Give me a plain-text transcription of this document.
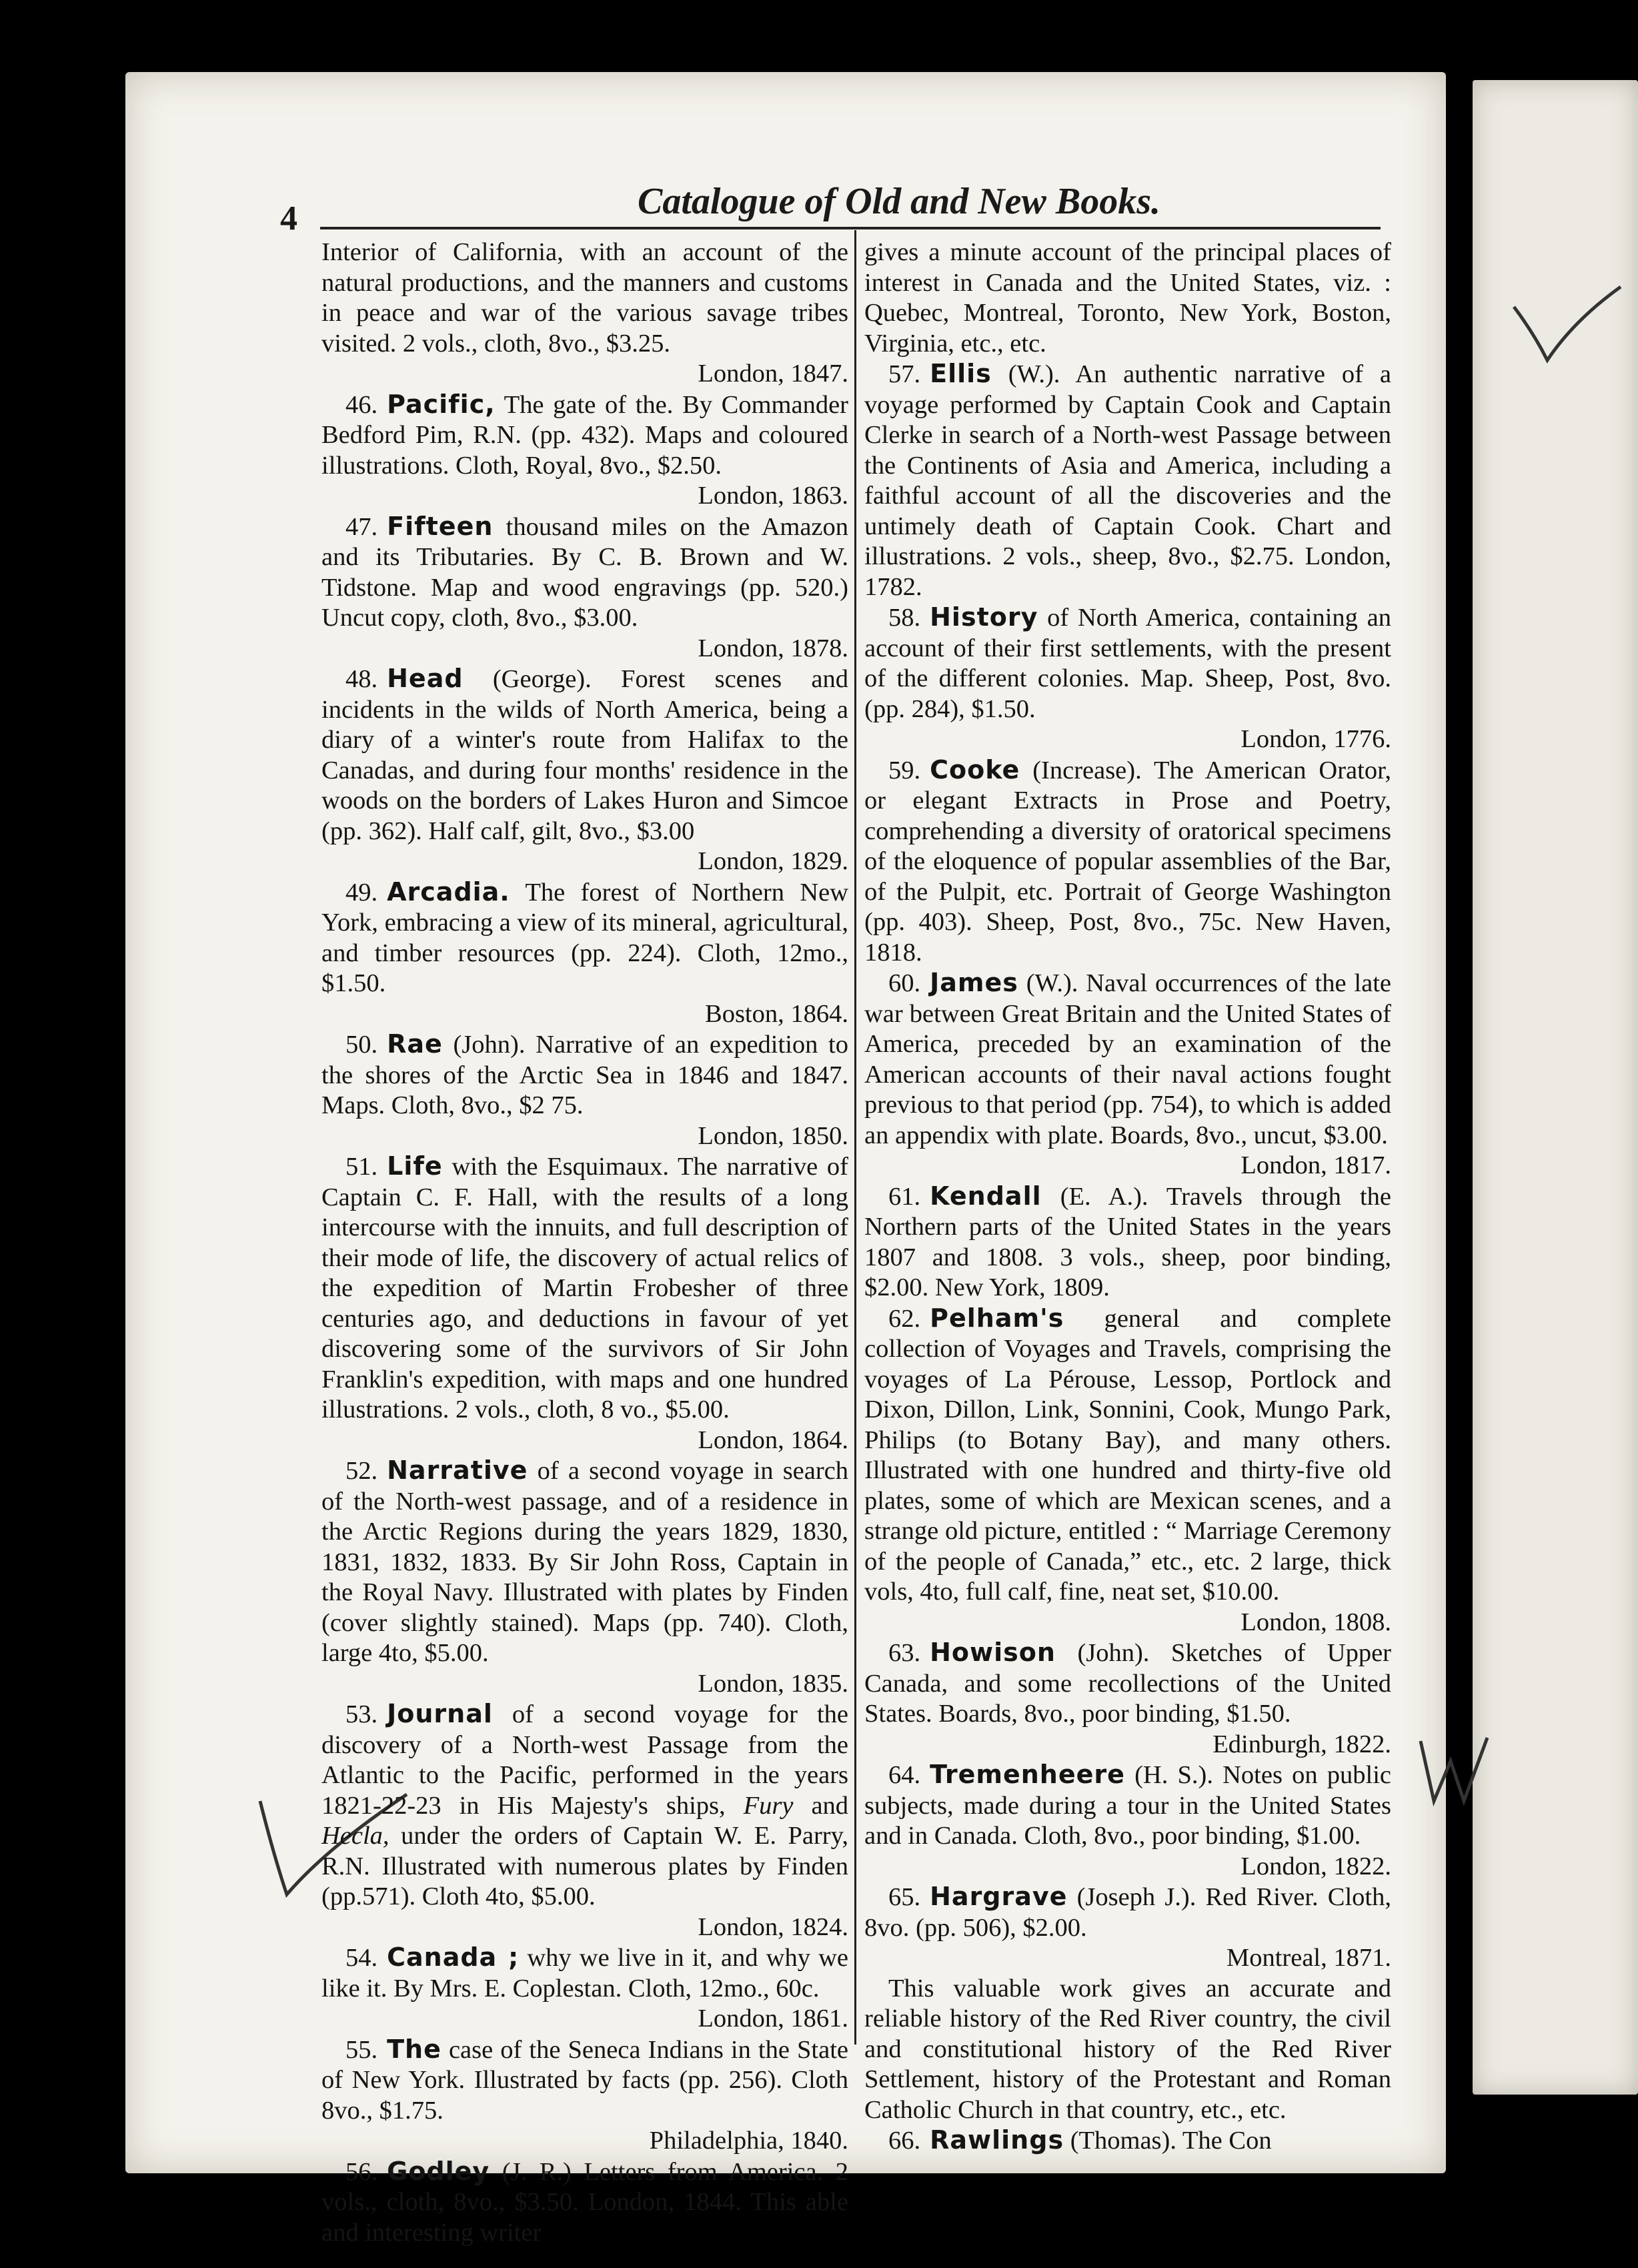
4	Catalogue of Old and New Books.

Interior of California, with an account of the natural productions, and the manners and customs in peace and war of the various savage tribes visited. 2 vols., cloth, 8vo., $3.25.
London, 1847.

46. Pacific, The gate of the. By Commander Bedford Pim, R.N. (pp. 432). Maps and coloured illustrations. Cloth, Royal, 8vo., $2.50.
London, 1863.

47. Fifteen thousand miles on the Amazon and its Tributaries. By C. B. Brown and W. Tidstone. Map and wood engravings (pp. 520.) Uncut copy, cloth, 8vo., $3.00.
London, 1878.

48. Head (George). Forest scenes and incidents in the wilds of North America, being a diary of a winter's route from Halifax to the Canadas, and during four months' residence in the woods on the borders of Lakes Huron and Simcoe (pp. 362). Half calf, gilt, 8vo., $3.00
London, 1829.

49. Arcadia. The forest of Northern New York, embracing a view of its mineral, agricultural, and timber resources (pp. 224). Cloth, 12mo., $1.50.
Boston, 1864.

50. Rae (John). Narrative of an expedition to the shores of the Arctic Sea in 1846 and 1847. Maps. Cloth, 8vo., $2 75.
London, 1850.

51. Life with the Esquimaux. The narrative of Captain C. F. Hall, with the results of a long intercourse with the innuits, and full description of their mode of life, the discovery of actual relics of the expedition of Martin Frobesher of three centuries ago, and deductions in favour of yet discovering some of the survivors of Sir John Franklin's expedition, with maps and one hundred illustrations. 2 vols., cloth, 8 vo., $5.00.
London, 1864.

52. Narrative of a second voyage in search of the North-west passage, and of a residence in the Arctic Regions during the years 1829, 1830, 1831, 1832, 1833. By Sir John Ross, Captain in the Royal Navy. Illustrated with plates by Finden (cover slightly stained). Maps (pp. 740). Cloth, large 4to, $5.00.
London, 1835.

53. Journal of a second voyage for the discovery of a North-west Passage from the Atlantic to the Pacific, performed in the years 1821-22-23 in His Majesty's ships, Fury and Hecla, under the orders of Captain W. E. Parry, R.N. Illustrated with numerous plates by Finden (pp.571). Cloth 4to, $5.00.
London, 1824.

54. Canada ; why we live in it, and why we like it. By Mrs. E. Coplestan. Cloth, 12mo., 60c.
London, 1861.

55. The case of the Seneca Indians in the State of New York. Illustrated by facts (pp. 256). Cloth 8vo., $1.75.
Philadelphia, 1840.

56. Godley (J. R.) Letters from America. 2 vols., cloth, 8vo., $3.50. London, 1844. This able and interesting writer

gives a minute account of the principal places of interest in Canada and the United States, viz. : Quebec, Montreal, Toronto, New York, Boston, Virginia, etc., etc.

57. Ellis (W.). An authentic narrative of a voyage performed by Captain Cook and Captain Clerke in search of a North-west Passage between the Continents of Asia and America, including a faithful account of all the discoveries and the untimely death of Captain Cook. Chart and illustrations. 2 vols., sheep, 8vo., $2.75. London, 1782.

58. History of North America, containing an account of their first settlements, with the present of the different colonies. Map. Sheep, Post, 8vo. (pp. 284), $1.50.
London, 1776.

59. Cooke (Increase). The American Orator, or elegant Extracts in Prose and Poetry, comprehending a diversity of oratorical specimens of the eloquence of popular assemblies of the Bar, of the Pulpit, etc. Portrait of George Washington (pp. 403). Sheep, Post, 8vo., 75c. New Haven, 1818.

60. James (W.). Naval occurrences of the late war between Great Britain and the United States of America, preceded by an examination of the American accounts of their naval actions fought previous to that period (pp. 754), to which is added an appendix with plate. Boards, 8vo., uncut, $3.00.
London, 1817.

61. Kendall (E. A.). Travels through the Northern parts of the United States in the years 1807 and 1808. 3 vols., sheep, poor binding, $2.00. New York, 1809.

62. Pelham's general and complete collection of Voyages and Travels, comprising the voyages of La Pérouse, Lessop, Portlock and Dixon, Dillon, Link, Sonnini, Cook, Mungo Park, Philips (to Botany Bay), and many others. Illustrated with one hundred and thirty-five old plates, some of which are Mexican scenes, and a strange old picture, entitled : “ Marriage Ceremony of the people of Canada,” etc., etc. 2 large, thick vols, 4to, full calf, fine, neat set, $10.00.
London, 1808.

63. Howison (John). Sketches of Upper Canada, and some recollections of the United States. Boards, 8vo., poor binding, $1.50.
Edinburgh, 1822.

64. Tremenheere (H. S.). Notes on public subjects, made during a tour in the United States and in Canada. Cloth, 8vo., poor binding, $1.00.
London, 1822.

65. Hargrave (Joseph J.). Red River. Cloth, 8vo. (pp. 506), $2.00.
Montreal, 1871.
This valuable work gives an accurate and reliable history of the Red River country, the civil and constitutional history of the Red River Settlement, history of the Protestant and Roman Catholic Church in that country, etc., etc.

66. Rawlings (Thomas). The Con
